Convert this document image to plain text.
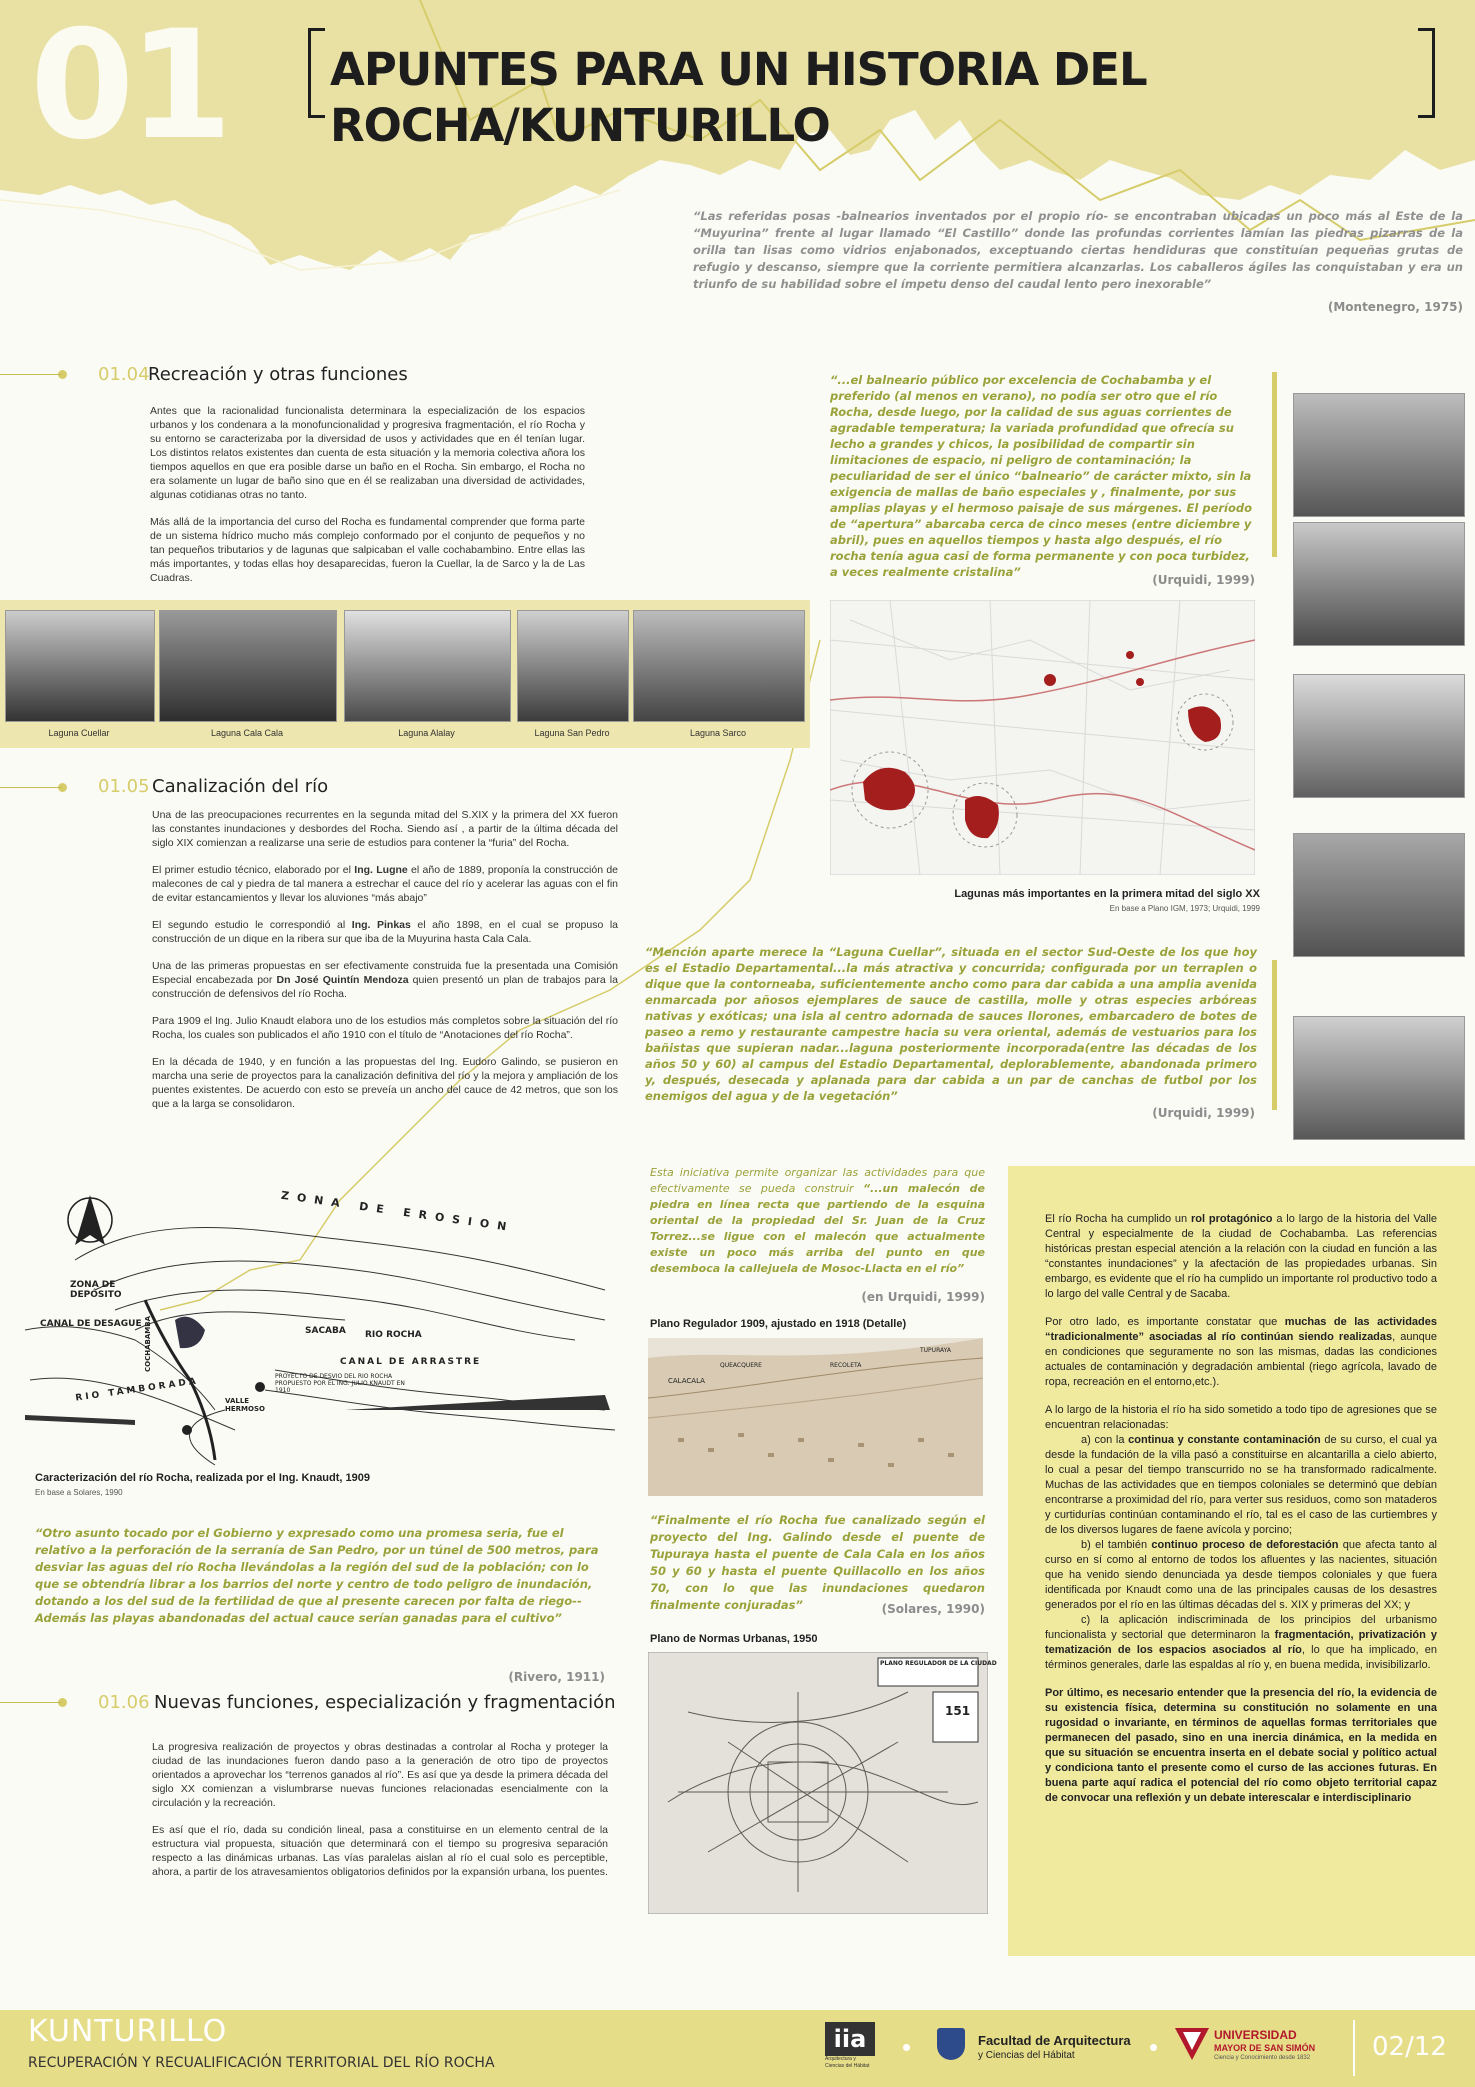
01 APUNTES PARA UN HISTORIA DEL ROCHA/KUNTURILLO
“Las referidas posas -balnearios inventados por el propio río- se encontraban ubicadas un poco más al Este de la “Muyurina” frente al lugar llamado “El Castillo” donde las profundas corrientes lamían las piedras pizarras de la orilla tan lisas como vidrios enjabonados, exceptuando ciertas hendiduras que constituían pequeñas grutas de refugio y descanso, siempre que la corriente permitiera alcanzarlas. Los caballeros ágiles las conquistaban y era un triunfo de su habilidad sobre el ímpetu denso del caudal lento pero inexorable”
(Montenegro, 1975)
01.04
Recreación y otras funciones

Antes que la racionalidad funcionalista determinara la especialización de los espacios urbanos y los condenara a la monofuncionalidad y progresiva fragmentación, el río Rocha y su entorno se caracterizaba por la diversidad de usos y actividades que en él tenían lugar. Los distintos relatos existentes dan cuenta de esta situación y la memoria colectiva añora los tiempos aquellos en que era posible darse un baño en el Rocha. Sin embargo, el Rocha no era solamente un lugar de baño sino que en él se realizaban una diversidad de actividades, algunas cotidianas otras no tanto.

Más allá de la importancia del curso del Rocha es fundamental comprender que forma parte de un sistema hídrico mucho más complejo conformado por el conjunto de pequeños y no tan pequeños tributarios y de lagunas que salpicaban el valle cochabambino. Entre ellas las más importantes, y todas ellas hoy desaparecidas, fueron la Cuellar, la de Sarco y la de Las Cuadras.

“...el balneario público por excelencia de Cochabamba y el preferido (al menos en verano), no podía ser otro que el río Rocha, desde luego, por la calidad de sus aguas corrientes de agradable temperatura; la variada profundidad que ofrecía su lecho a grandes y chicos, la posibilidad de compartir sin limitaciones de espacio, ni peligro de contaminación; la peculiaridad de ser el único “balneario” de carácter mixto, sin la exigencia de mallas de baño especiales y , finalmente, por sus amplias playas y el hermoso paisaje de sus márgenes. El período de “apertura” abarcaba cerca de cinco meses (entre diciembre y abril), pues en aquellos tiempos y hasta algo después, el río rocha tenía agua casi de forma permanente y con poca turbidez, a veces realmente cristalina”
(Urquidi, 1999)
Laguna Cuellar	Laguna Cala Cala	Laguna Alalay	Laguna San Pedro	Laguna Sarco
Lagunas más importantes en la primera mitad del siglo XX
En base a Plano IGM, 1973; Urquidi, 1999
01.05 Canalización del río

Una de las preocupaciones recurrentes en la segunda mitad del S.XIX y la primera del XX fueron las constantes inundaciones y desbordes del Rocha. Siendo así , a partir de la última década del siglo XIX comienzan a realizarse una serie de estudios para contener la “furia” del Rocha.

El primer estudio técnico, elaborado por el Ing. Lugne el año de 1889, proponía la construcción de malecones de cal y piedra de tal manera a estrechar el cauce del río y acelerar las aguas con el fin de evitar estancamientos y llevar los aluviones “más abajo”

El segundo estudio le correspondió al Ing. Pinkas el año 1898, en el cual se propuso la construcción de un dique en la ribera sur que iba de la Muyurina hasta Cala Cala.

Una de las primeras propuestas en ser efectivamente construida fue la presentada una Comisión Especial encabezada por Dn José Quintín Mendoza quien presentó un plan de trabajos para la construcción de defensivos del río Rocha.

Para 1909 el Ing. Julio Knaudt elabora uno de los estudios más completos sobre la situación del río Rocha, los cuales son publicados el año 1910 con el título de “Anotaciones del río Rocha”.

En la década de 1940, y en función a las propuestas del Ing. Eudoro Galindo, se pusieron en marcha una serie de proyectos para la canalización definitiva del río y la mejora y ampliación de los puentes existentes. De acuerdo con esto se preveía un ancho del cauce de 42 metros, que son los que a la larga se consolidaron.

“Mención aparte merece la “Laguna Cuellar”, situada en el sector Sud-Oeste de los que hoy es el Estadio Departamental...la más atractiva y concurrida; configurada por un terraplen o dique que la contorneaba, suficientemente ancho como para dar cabida a una amplia avenida enmarcada por añosos ejemplares de sauce de castilla, molle y otras especies arbóreas nativas y exóticas; una isla al centro adornada de sauces llorones, embarcadero de botes de paseo a remo y restaurante campestre hacia su vera oriental, además de vestuarios para los bañistas que supieran nadar...laguna posteriormente incorporada(entre las décadas de los años 50 y 60) al campus del Estadio Departamental, deplorablemente, abandonada primero y, después, desecada y aplanada para dar cabida a un par de canchas de futbol por los enemigos del agua y de la vegetación”
(Urquidi, 1999)
ZONA DE EROSION
ZONA DE DEPÓSITO
CANAL DE DESAGUE
RIO TAMBORADA
SACABA RIO ROCHA
CANAL DE ARRASTRE
COCHABAMBA
VALLE HERMOSO
PROYECTO DE DESVIO DEL RIO ROCHA PROPUESTO POR EL ING. JULIO KNAUDT EN 1910
Caracterización del río Rocha, realizada por el Ing. Knaudt, 1909
En base a Solares, 1990
“Otro asunto tocado por el Gobierno y expresado como una promesa seria, fue el relativo a la perforación de la serranía de San Pedro, por un túnel de 500 metros, para desviar las aguas del río Rocha llevándolas a la región del sud de la población; con lo que se obtendría librar a los barrios del norte y centro de todo peligro de inundación, dotando a los del sud de la fertilidad de que al presente carecen por falta de riego--Además las playas abandonadas del actual cauce serían ganadas para el cultivo”
(Rivero, 1911)
Esta iniciativa permite organizar las actividades para que efectivamente se pueda construir “...un malecón de piedra en línea recta que partiendo de la esquina oriental de la propiedad del Sr. Juan de la Cruz Torrez...se ligue con el malecón que actualmente existe un poco más arriba del punto en que desemboca la callejuela de Mosoc-Llacta en el río”
(en Urquidi, 1999)
Plano Regulador 1909, ajustado en 1918 (Detalle)
CALACALA
QUEACQUERE	RECOLETA
TUPURAYA
“Finalmente el río Rocha fue canalizado según el proyecto del Ing. Galindo desde el puente de Tupuraya hasta el puente de Cala Cala en los años 50 y 60 y hasta el puente Quillacollo en los años 70, con lo que las inundaciones quedaron finalmente conjuradas”	(Solares, 1990)
Plano de Normas Urbanas, 1950
PLANO REGULADOR DE LA CIUDAD
151
01.06 Nuevas funciones, especialización y fragmentación

La progresiva realización de proyectos y obras destinadas a controlar al Rocha y proteger la ciudad de las inundaciones fueron dando paso a la generación de otro tipo de proyectos orientados a aprovechar los “terrenos ganados al río”. Es así que ya desde la primera década del siglo XX comienzan a vislumbrarse nuevas funciones relacionadas esencialmente con la circulación y la recreación.

Es así que el río, dada su condición lineal, pasa a constituirse en un elemento central de la estructura vial propuesta, situación que determinará con el tiempo su progresiva separación respecto a las dinámicas urbanas. Las vías paralelas aislan al río el cual solo es perceptible, ahora, a partir de los atravesamientos obligatorios definidos por la expansión urbana, los puentes.

El río Rocha ha cumplido un rol protagónico a lo largo de la historia del Valle Central y especialmente de la ciudad de Cochabamba. Las referencias históricas prestan especial atención a la relación con la ciudad en función a las “constantes inundaciones” y la afectación de las propiedades urbanas. Sin embargo, es evidente que el río ha cumplido un importante rol productivo todo a lo largo del valle Central y de Sacaba.

Por otro lado, es importante constatar que muchas de las actividades “tradicionalmente” asociadas al río continúan siendo realizadas, aunque en condiciones que seguramente no son las mismas, dadas las condiciones actuales de contaminación y degradación ambiental (riego agrícola, lavado de ropa, recreación en el entorno,etc.).

A lo largo de la historia el río ha sido sometido a todo tipo de agresiones que se encuentran relacionadas:

a) con la continua y constante contaminación de su curso, el cual ya desde la fundación de la villa pasó a constituirse en alcantarilla a cielo abierto, lo cual a pesar del tiempo transcurrido no se ha transformado radicalmente. Muchas de las actividades que en tiempos coloniales se determinó que debían encontrarse a proximidad del río, para verter sus residuos, como son mataderos y curtidurías continúan contaminando el río, tal es el caso de las curtiembres y de los diversos lugares de faene avícola y porcino;

b) el también continuo proceso de deforestación que afecta tanto al curso en sí como al entorno de todos los afluentes y las nacientes, situación que ha venido siendo denunciada ya desde tiempos coloniales y que fuera identificada por Knaudt como una de las principales causas de los desastres generados por el río en las últimas décadas del s. XIX y primeras del XX; y

c) la aplicación indiscriminada de los principios del urbanismo funcionalista y sectorial que determinaron la fragmentación, privatización y tematización de los espacios asociados al río, lo que ha implicado, en términos generales, darle las espaldas al río y, en buena medida, invisibilizarlo.

Por último, es necesario entender que la presencia del río, la evidencia de su existencia física, determina su constitución no solamente en una rugosidad o invariante, en términos de aquellas formas territoriales que permanecen del pasado, sino en una inercia dinámica, en la medida en que su situación se encuentra inserta en el debate social y político actual y condiciona tanto el presente como el curso de las acciones futuras. En buena parte aquí radica el potencial del río como objeto territorial capaz de convocar una reflexión y un debate interescalar e interdisciplinario

KUNTURILLO
RECUPERACIÓN Y RECUALIFICACIÓN TERRITORIAL DEL RÍO ROCHA
iia
Arquitectura y Ciencias del Hábitat
Facultad de Arquitectura
y Ciencias del Hábitat
UNIVERSIDAD
MAYOR DE SAN SIMÓN
Ciencia y Conocimiento desde 1832 02/12
